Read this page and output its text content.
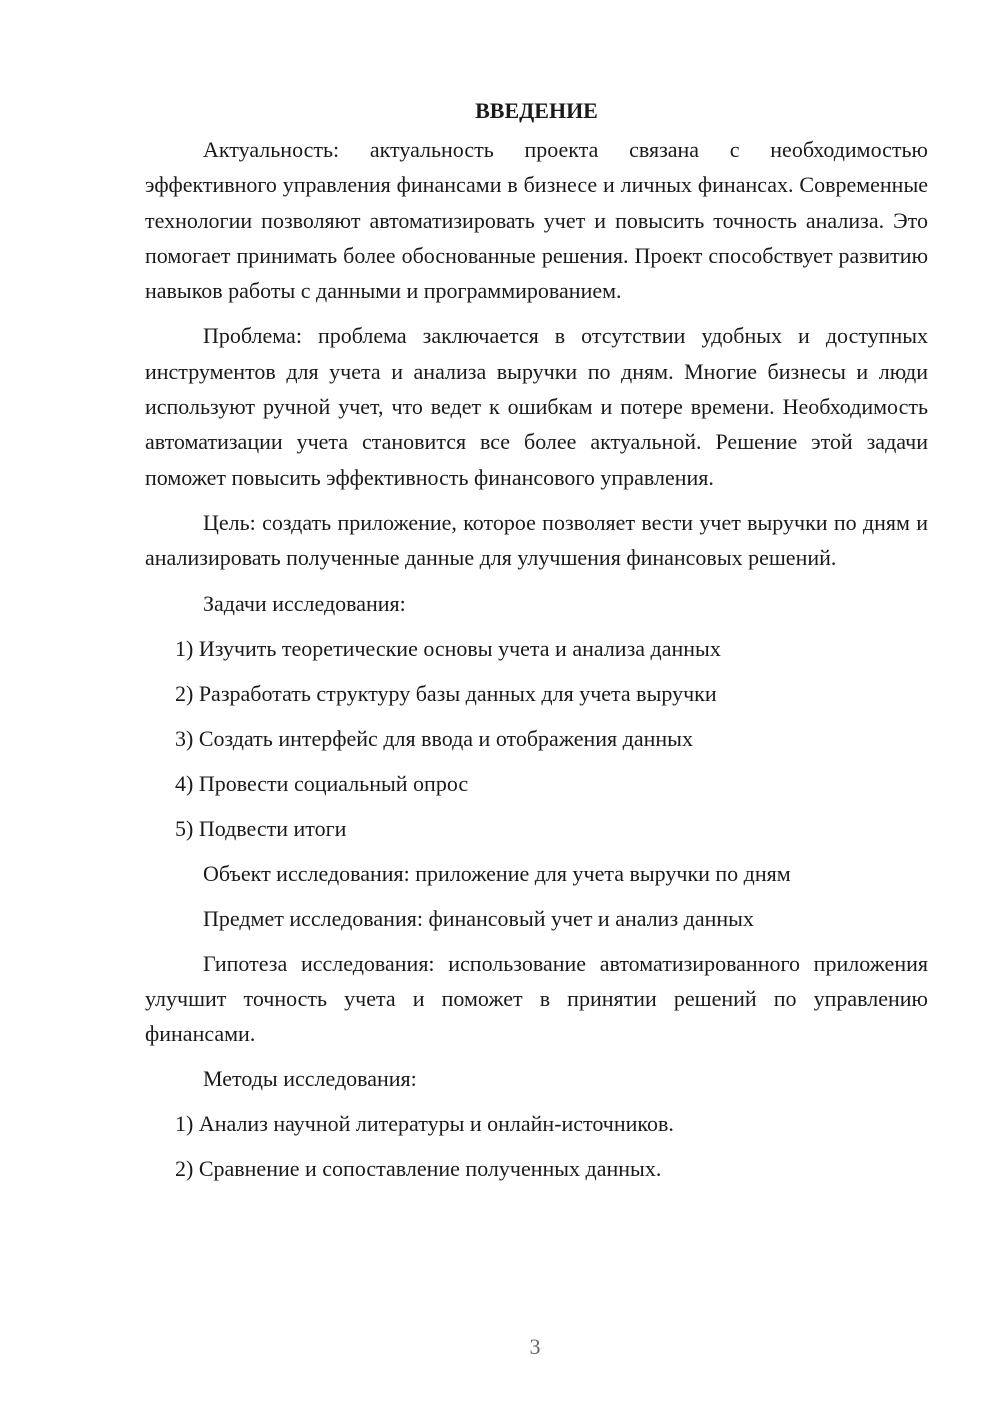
ВВЕДЕНИЕ

Актуальность: актуальность проекта связана с необходимостью эффективного управления финансами в бизнесе и личных финансах. Современные технологии позволяют автоматизировать учет и повысить точность анализа. Это помогает принимать более обоснованные решения. Проект способствует развитию навыков работы с данными и программированием.

Проблема: проблема заключается в отсутствии удобных и доступных инструментов для учета и анализа выручки по дням. Многие бизнесы и люди используют ручной учет, что ведет к ошибкам и потере времени. Необходимость автоматизации учета становится все более актуальной. Решение этой задачи поможет повысить эффективность финансового управления.

Цель: создать приложение, которое позволяет вести учет выручки по дням и анализировать полученные данные для улучшения финансовых решений.

Задачи исследования:

1) Изучить теоретические основы учета и анализа данных

2) Разработать структуру базы данных для учета выручки

3) Создать интерфейс для ввода и отображения данных

4) Провести социальный опрос

5) Подвести итоги

Объект исследования: приложение для учета выручки по дням

Предмет исследования: финансовый учет и анализ данных

Гипотеза исследования: использование автоматизированного приложения улучшит точность учета и поможет в принятии решений по управлению финансами.

Методы исследования:

1) Анализ научной литературы и онлайн-источников.

2) Сравнение и сопоставление полученных данных.

3
